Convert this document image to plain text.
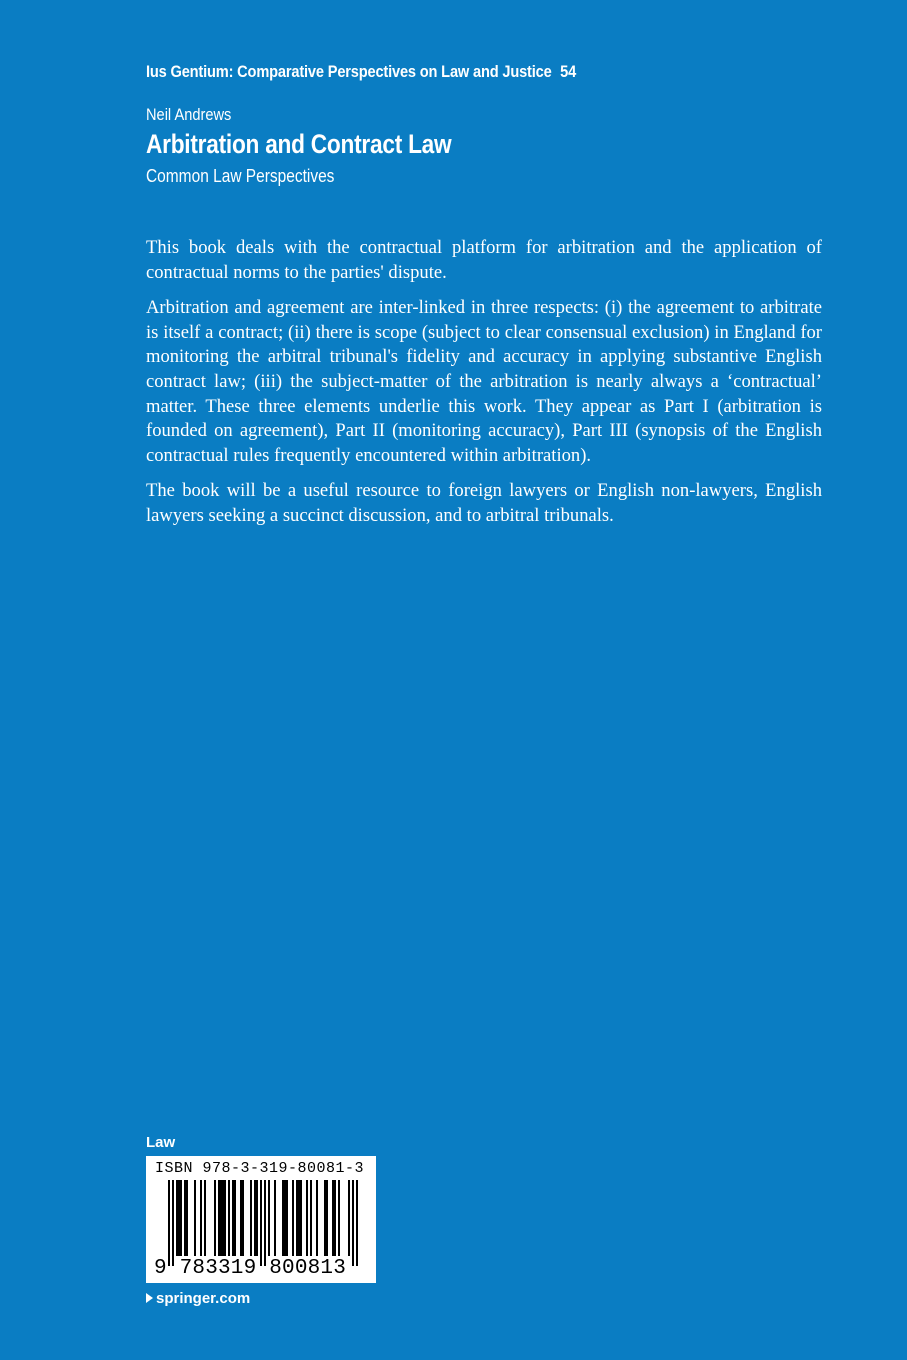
Ius Gentium: Comparative Perspectives on Law and Justice 54
Neil Andrews
Arbitration and Contract Law
Common Law Perspectives

This book deals with the contractual platform for arbitration and the application of contractual norms to the parties' dispute.

Arbitration and agreement are inter-linked in three respects: (i) the agreement to arbitrate is itself a contract; (ii) there is scope (subject to clear consensual exclusion) in England for monitoring the arbitral tribunal's fidelity and accuracy in applying substantive English contract law; (iii) the subject-matter of the arbitration is nearly always a ‘contractual’ matter. These three elements underlie this work. They appear as Part I (arbitration is founded on agreement), Part II (monitoring accuracy), Part III (synopsis of the English contractual rules frequently encountered within arbitration).

The book will be a useful resource to foreign lawyers or English non-lawyers, English lawyers seeking a succinct discussion, and to arbitral tribunals.

Law
ISBN 978-3-319-80081-3
9 783319 800813
springer.com
